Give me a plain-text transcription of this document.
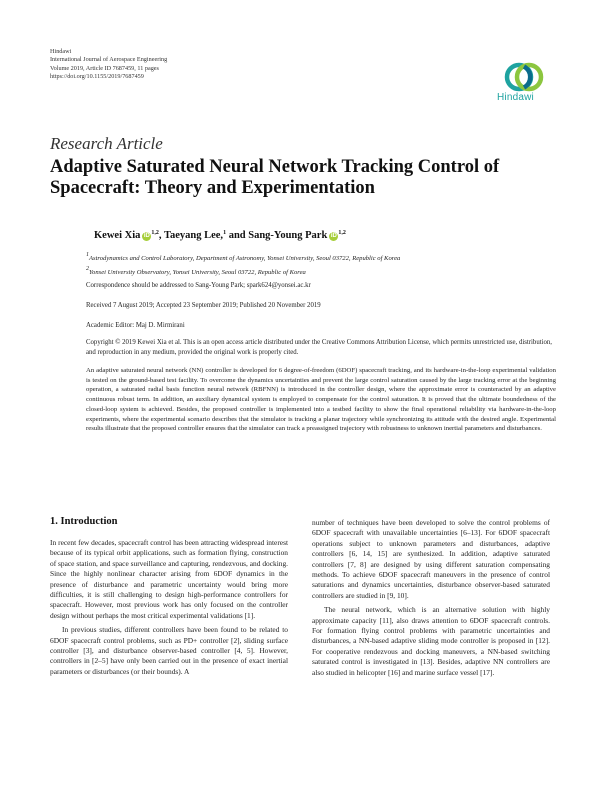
Hindawi
International Journal of Aerospace Engineering
Volume 2019, Article ID 7687459, 11 pages
https://doi.org/10.1155/2019/7687459
Hindawi
Research Article
Adaptive Saturated Neural Network Tracking Control of Spacecraft: Theory and Experimentation
Kewei Xia iD $^{1,2}$, Taeyang Lee,$^1$ and Sang-Young Park iD $^{1,2}$
$^1$Astrodynamics and Control Laboratory, Department of Astronomy, Yonsei University, Seoul 03722, Republic of Korea
$^2$Yonsei University Observatory, Yonsei University, Seoul 03722, Republic of Korea
Correspondence should be addressed to Sang-Young Park; spark624@yonsei.ac.kr
Received 7 August 2019; Accepted 23 September 2019; Published 20 November 2019
Academic Editor: Maj D. Mirmirani
Copyright © 2019 Kewei Xia et al. This is an open access article distributed under the Creative Commons Attribution License, which permits unrestricted use, distribution, and reproduction in any medium, provided the original work is properly cited.
An adaptive saturated neural network (NN) controller is developed for 6 degree-of-freedom (6DOF) spacecraft tracking, and its hardware-in-the-loop experimental validation is tested on the ground-based test facility. To overcome the dynamics uncertainties and prevent the large control saturation caused by the large tracking error at the beginning operation, a saturated radial basis function neural network (RBFNN) is introduced in the controller design, where the approximate error is counteracted by an adaptive continuous robust term. In addition, an auxiliary dynamical system is employed to compensate for the control saturation. It is proved that the ultimate boundedness of the closed-loop system is achieved. Besides, the proposed controller is implemented into a testbed facility to show the final operational reliability via hardware-in-the-loop experiments, where the experimental scenario describes that the simulator is tracking a planar trajectory while synchronizing its attitude with the desired angle. Experimental results illustrate that the proposed controller ensures that the simulator can track a preassigned trajectory with robustness to unknown inertial parameters and disturbances.
1. Introduction

In recent few decades, spacecraft control has been attracting widespread interest because of its typical orbit applications, such as formation flying, construction of space station, and space surveillance and capturing, rendezvous, and docking. Since the highly nonlinear character arising from 6DOF dynamics in the presence of disturbance and parametric uncertainty would bring more difficulties, it is still challenging to design high-performance controllers for spacecraft. However, most previous work has only focused on the controller design without perhaps the most critical experimental validations [1].

In previous studies, different controllers have been found to be related to 6DOF spacecraft control problems, such as PD+ controller [2], sliding surface controller [3], and disturbance observer-based controller [4, 5]. However, controllers in [2–5] have only been carried out in the presence of exact inertial parameters or disturbances (or their bounds). A

number of techniques have been developed to solve the control problems of 6DOF spacecraft with unavailable uncertainties [6–13]. For 6DOF spacecraft operations subject to unknown parameters and disturbances, adaptive controllers [6, 14, 15] are synthesized. In addition, adaptive saturated controllers [7, 8] are designed by using different saturation compensating methods. To achieve 6DOF spacecraft maneuvers in the presence of control saturations and dynamics uncertainties, disturbance observer-based saturated controllers are studied in [9, 10].

The neural network, which is an alternative solution with highly approximate capacity [11], also draws attention to 6DOF spacecraft controls. For formation flying control problems with parametric uncertainties and disturbances, a NN-based adaptive sliding mode controller is proposed in [12]. For cooperative rendezvous and docking maneuvers, a NN-based switching saturated control is investigated in [13]. Besides, adaptive NN controllers are also studied in helicopter [16] and marine surface vessel [17].
